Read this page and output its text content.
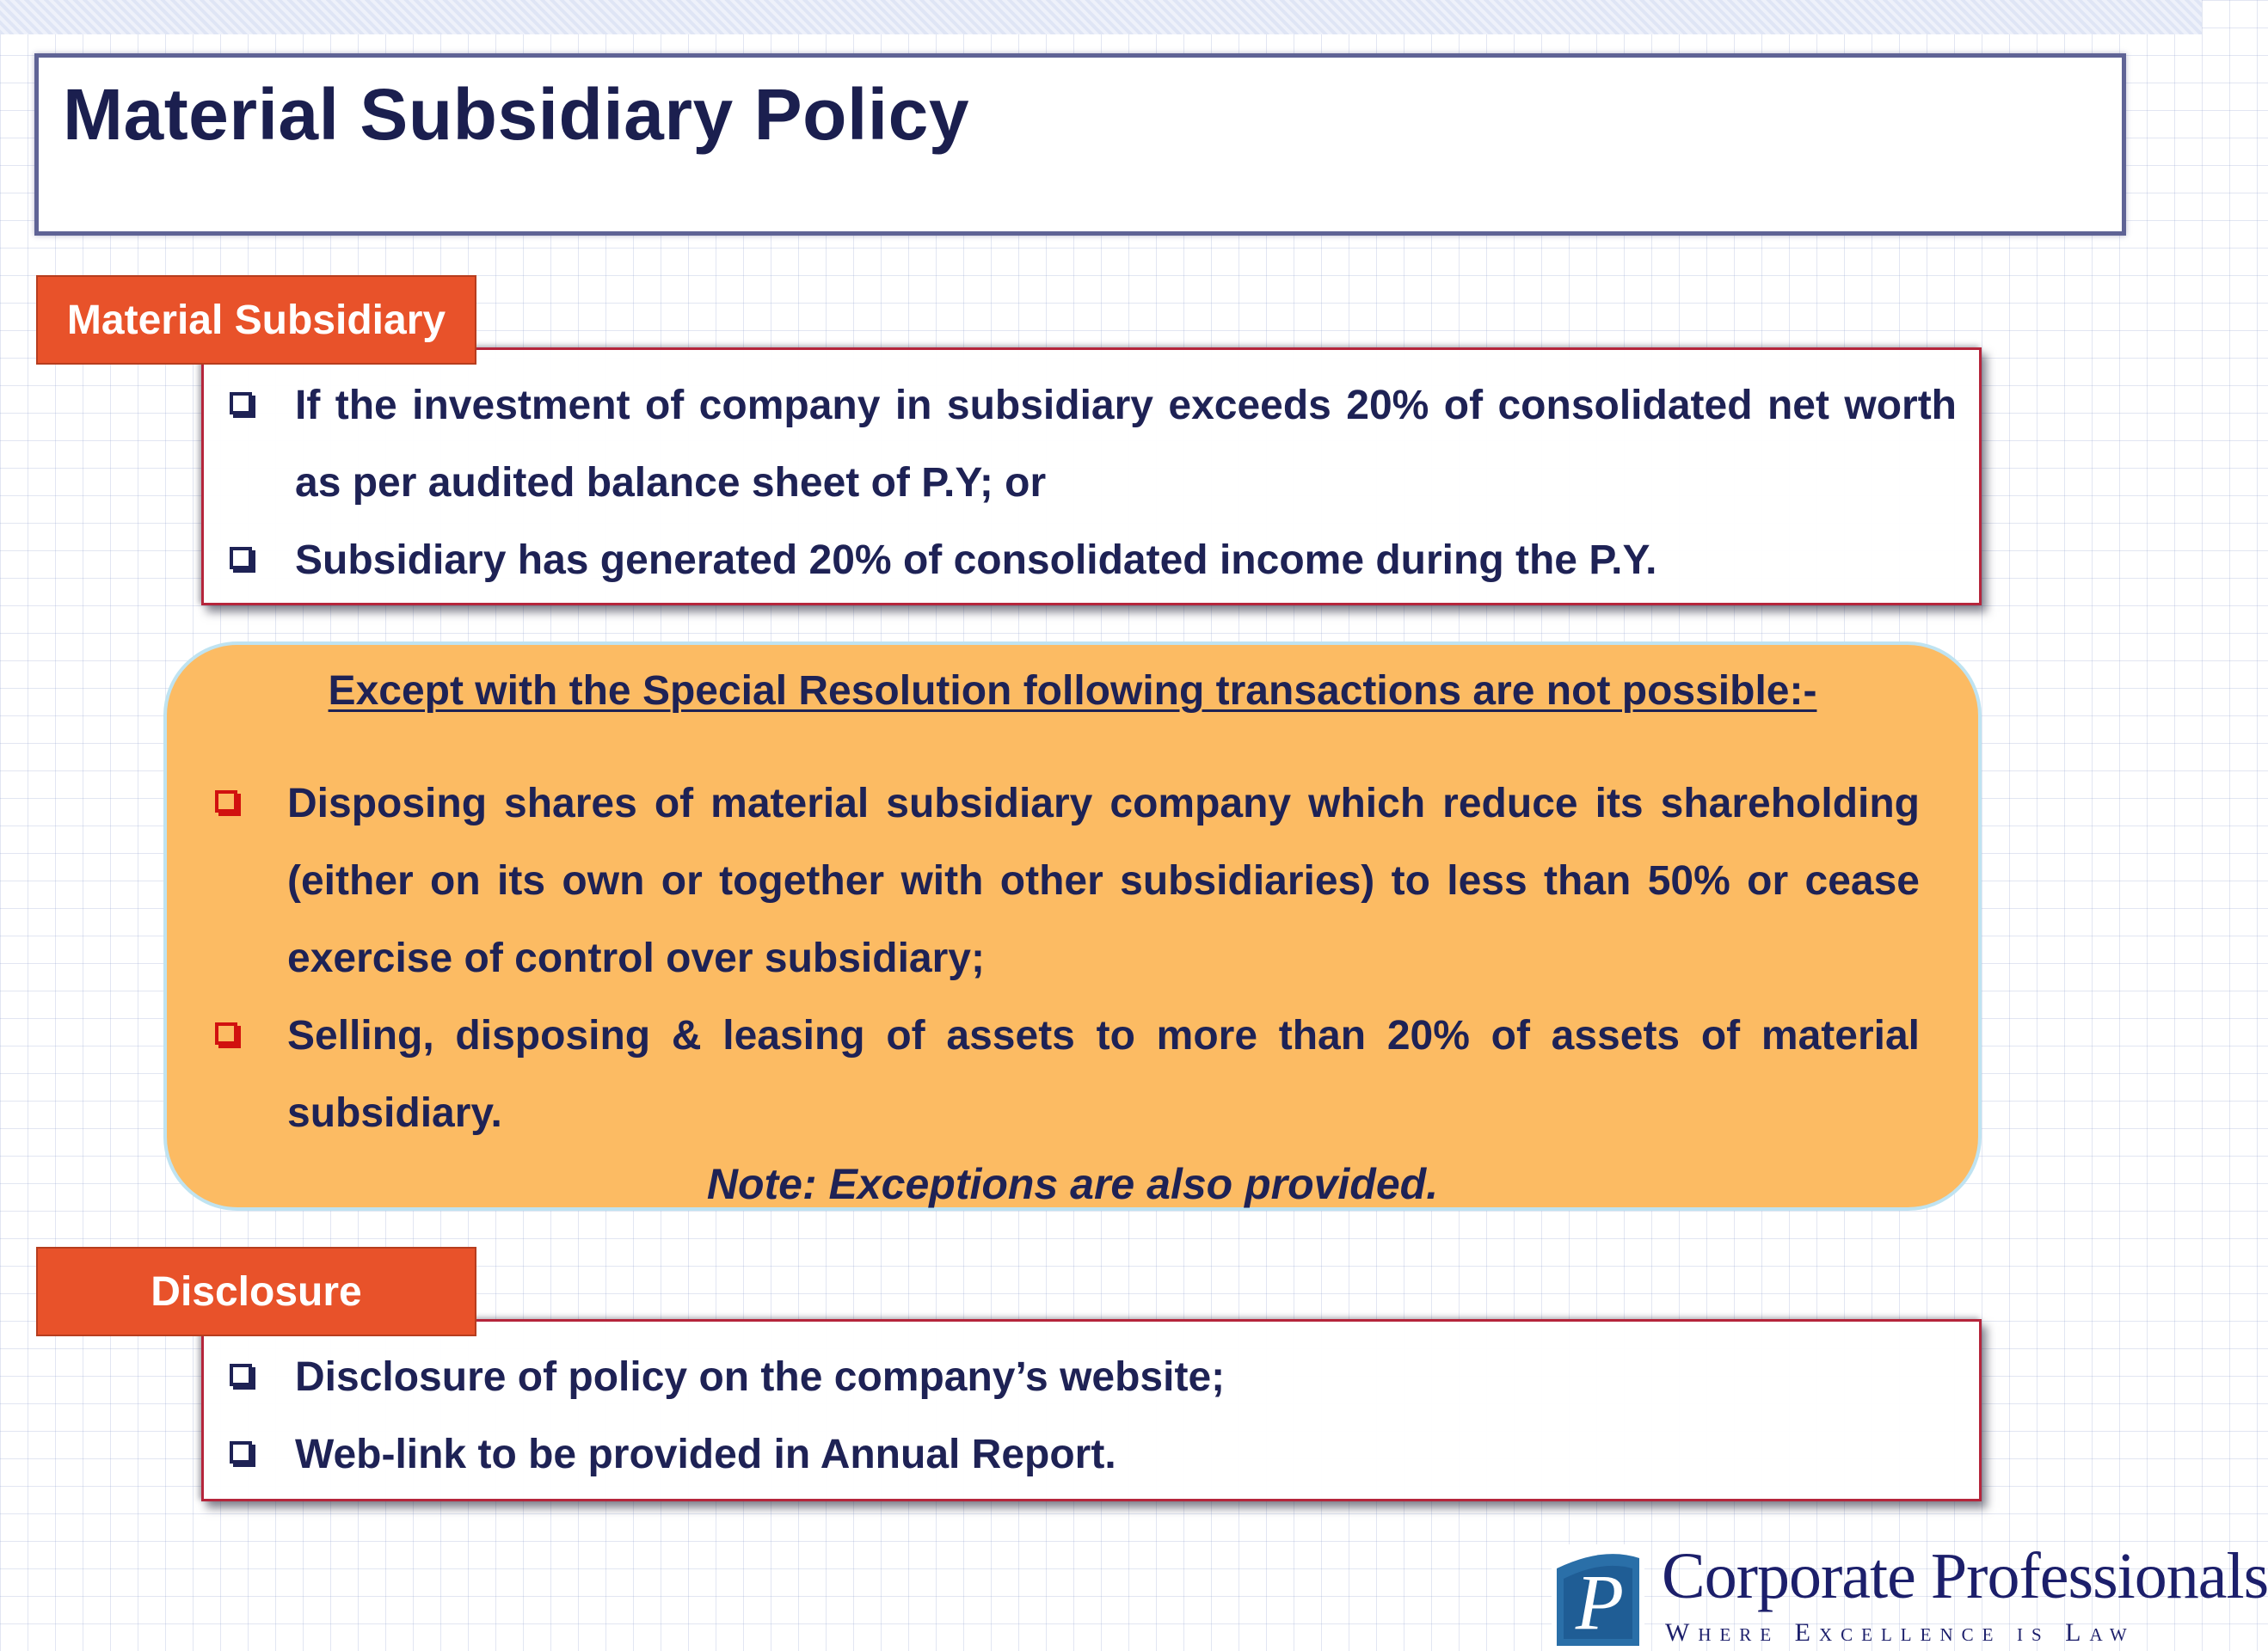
Material Subsidiary Policy
Material Subsidiary
If the investment of company in subsidiary exceeds 20% of consolidated net worth as per audited balance sheet of P.Y; or
Subsidiary has generated 20% of consolidated income during the P.Y.
Except with the Special Resolution following transactions are not possible:-
Disposing shares of material subsidiary company which reduce its shareholding (either on its own or together with other subsidiaries) to less than 50% or cease exercise of control over subsidiary;
Selling, disposing & leasing of assets to more than 20% of assets of material subsidiary.
Note: Exceptions are also provided.
Disclosure
Disclosure of policy on the company’s website;
Web-link to be provided in Annual Report.
P Corporate Professionals
Where Excellence is Law
